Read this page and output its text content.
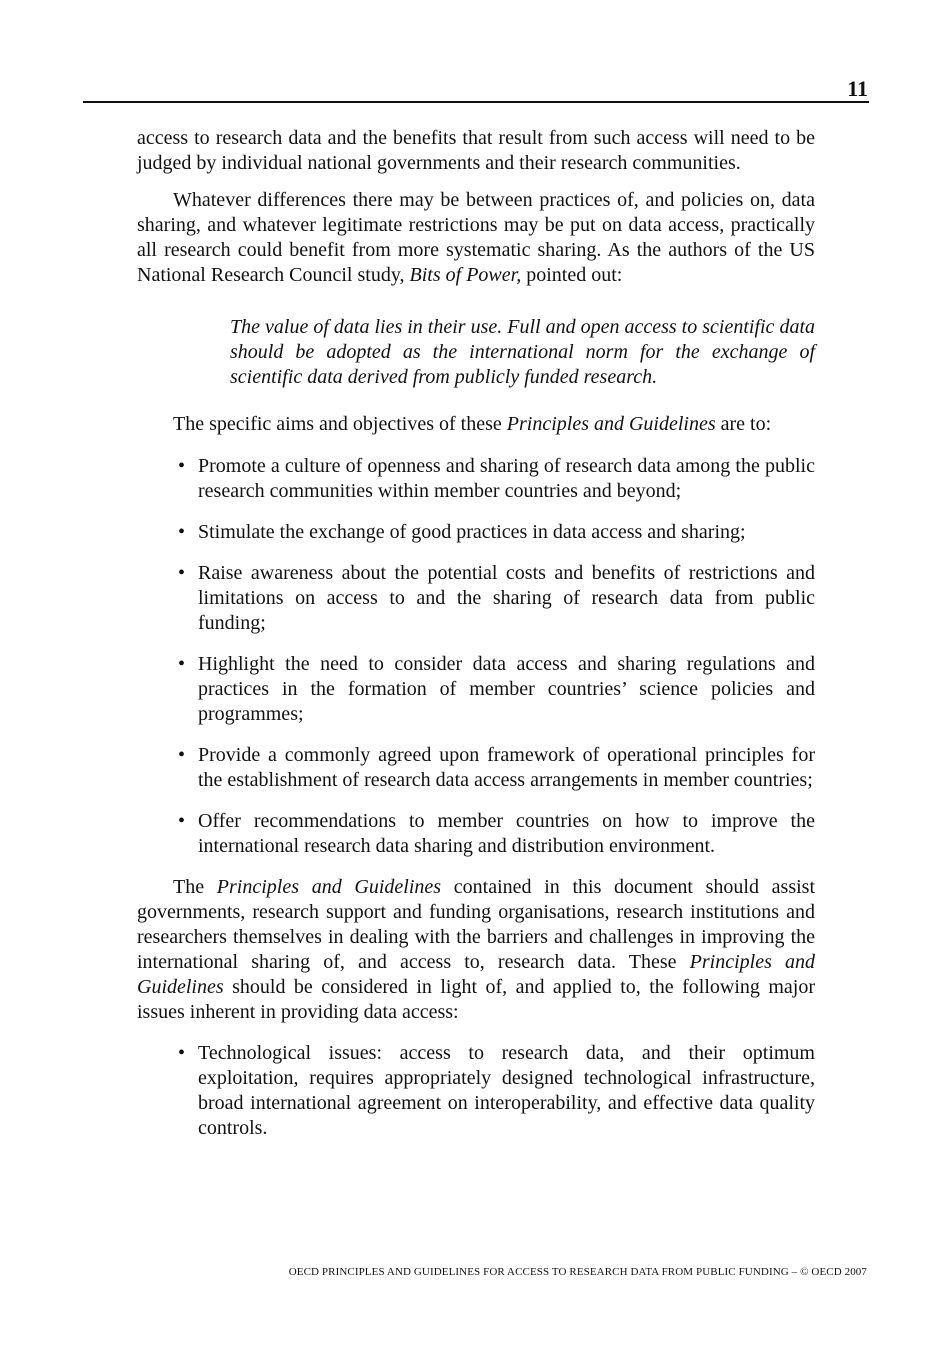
11

access to research data and the benefits that result from such access will need to be judged by individual national governments and their research communities.

Whatever differences there may be between practices of, and policies on, data sharing, and whatever legitimate restrictions may be put on data access, practically all research could benefit from more systematic sharing. As the authors of the US National Research Council study, Bits of Power, pointed out:

The value of data lies in their use. Full and open access to scientific data should be adopted as the international norm for the exchange of scientific data derived from publicly funded research.

The specific aims and objectives of these Principles and Guidelines are to:

• Promote a culture of openness and sharing of research data among the public research communities within member countries and beyond;
• Stimulate the exchange of good practices in data access and sharing;
• Raise awareness about the potential costs and benefits of restrictions and limitations on access to and the sharing of research data from public funding;
• Highlight the need to consider data access and sharing regulations and practices in the formation of member countries’ science policies and programmes;
• Provide a commonly agreed upon framework of operational principles for the establishment of research data access arrangements in member countries;
• Offer recommendations to member countries on how to improve the international research data sharing and distribution environment.

The Principles and Guidelines contained in this document should assist governments, research support and funding organisations, research institutions and researchers themselves in dealing with the barriers and challenges in improving the international sharing of, and access to, research data. These Principles and Guidelines should be considered in light of, and applied to, the following major issues inherent in providing data access:

• Technological issues: access to research data, and their optimum exploitation, requires appropriately designed technological infrastructure, broad international agreement on interoperability, and effective data quality controls.
OECD PRINCIPLES AND GUIDELINES FOR ACCESS TO RESEARCH DATA FROM PUBLIC FUNDING – © OECD 2007
